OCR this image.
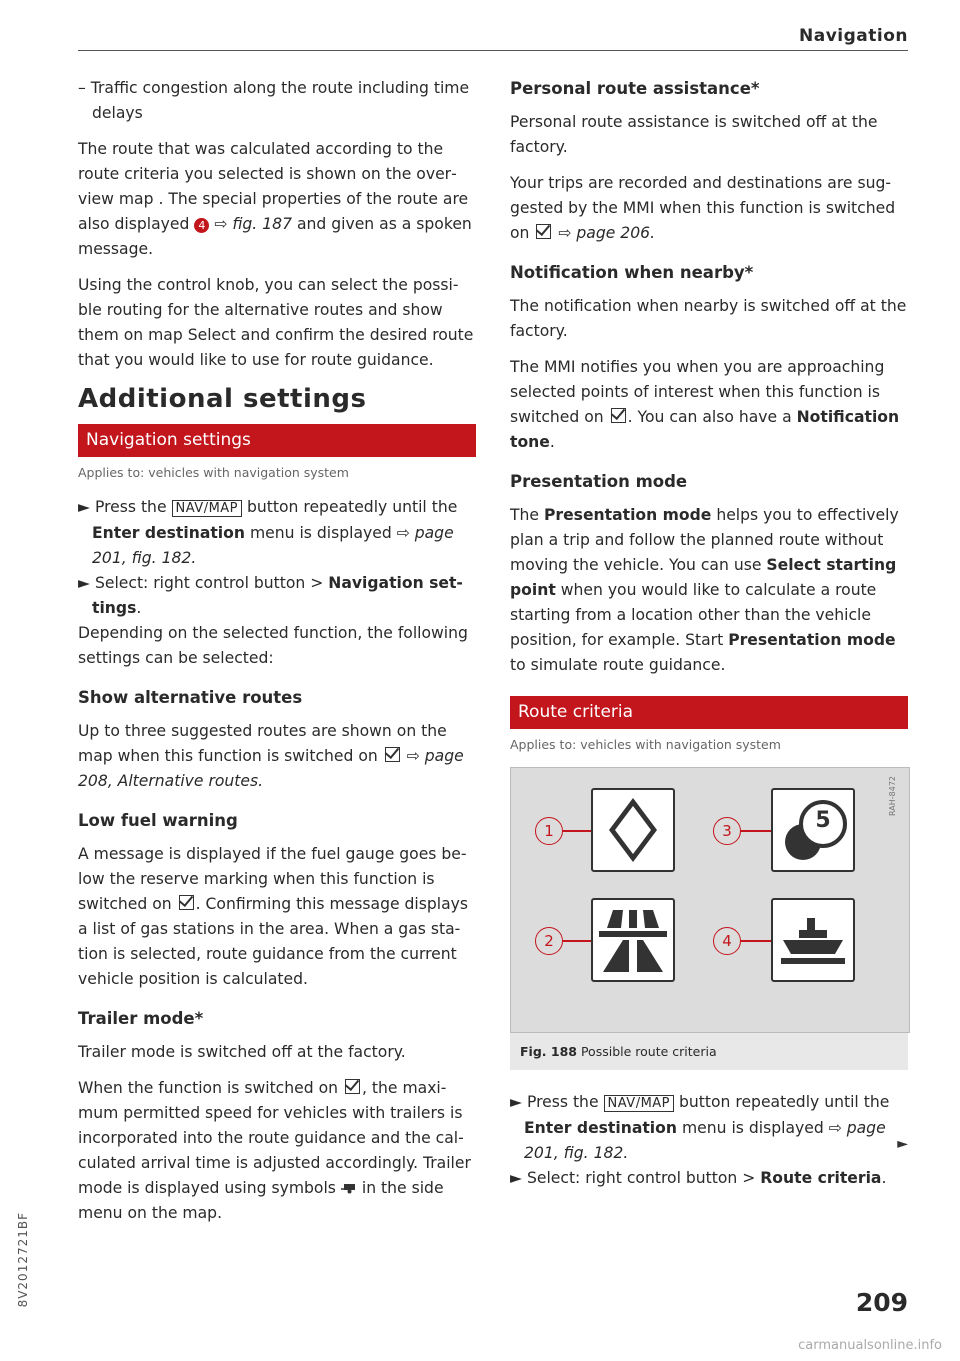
Navigation
– Traffic congestion along the route including time delays

The route that was calculated according to the route criteria you selected is shown on the overview map . The special properties of the route are also displayed 4 ⇨ fig. 187 and given as a spoken message.

Using the control knob, you can select the possible routing for the alternative routes and show them on map Select and confirm the desired route that you would like to use for route guidance.

Additional settings
Navigation settings
Applies to: vehicles with navigation system
► Press the NAV/MAP button repeatedly until the Enter destination menu is displayed ⇨ page 201, fig. 182.

► Select: right control button > Navigation settings.

Depending on the selected function, the following settings can be selected:

Show alternative routes

Up to three suggested routes are shown on the map when this function is switched on ⇨ page 208, Alternative routes.

Low fuel warning

A message is displayed if the fuel gauge goes below the reserve marking when this function is switched on . Confirming this message displays a list of gas stations in the area. When a gas station is selected, route guidance from the current vehicle position is calculated.

Trailer mode*

Trailer mode is switched off at the factory.

When the function is switched on , the maximum permitted speed for vehicles with trailers is incorporated into the route guidance and the calculated arrival time is adjusted accordingly. Trailer mode is displayed using symbols in the side menu on the map.

Personal route assistance*

Personal route assistance is switched off at the factory.

Your trips are recorded and destinations are suggested by the MMI when this function is switched on ⇨ page 206.

Notification when nearby*

The notification when nearby is switched off at the factory.

The MMI notifies you when you are approaching selected points of interest when this function is switched on . You can also have a Notification tone.

Presentation mode

The Presentation mode helps you to effectively plan a trip and follow the planned route without moving the vehicle. You can use Select starting point when you would like to calculate a route starting from a location other than the vehicle position, for example. Start Presentation mode to simulate route guidance.

Route criteria
Applies to: vehicles with navigation system
RAH-8472
1	3	5
2	4
Fig. 188 Possible route criteria
► Press the NAV/MAP button repeatedly until the Enter destination menu is displayed ⇨ page 201, fig. 182.

► Select: right control button > Route criteria.

►
209
8V2012721BF
carmanualsonline.info
